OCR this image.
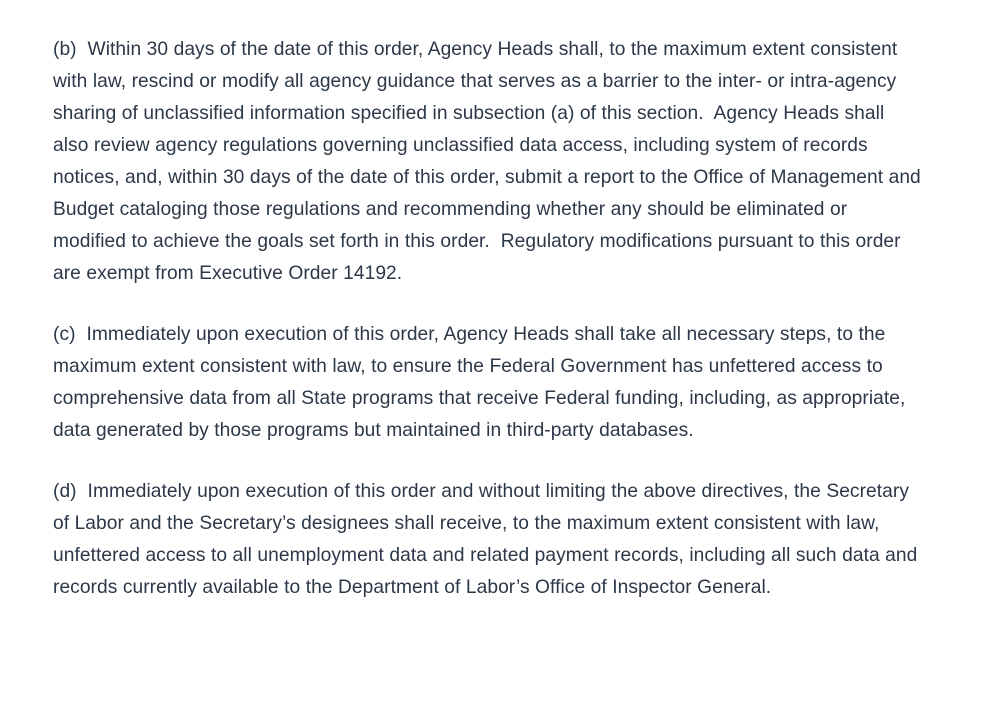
(b)  Within 30 days of the date of this order, Agency Heads shall, to the maximum extent consistent with law, rescind or modify all agency guidance that serves as a barrier to the inter- or intra-agency sharing of unclassified information specified in subsection (a) of this section.  Agency Heads shall also review agency regulations governing unclassified data access, including system of records notices, and, within 30 days of the date of this order, submit a report to the Office of Management and Budget cataloging those regulations and recommending whether any should be eliminated or modified to achieve the goals set forth in this order.  Regulatory modifications pursuant to this order are exempt from Executive Order 14192.

(c)  Immediately upon execution of this order, Agency Heads shall take all necessary steps, to the maximum extent consistent with law, to ensure the Federal Government has unfettered access to comprehensive data from all State programs that receive Federal funding, including, as appropriate, data generated by those programs but maintained in third-party databases.

(d)  Immediately upon execution of this order and without limiting the above directives, the Secretary of Labor and the Secretary’s designees shall receive, to the maximum extent consistent with law, unfettered access to all unemployment data and related payment records, including all such data and records currently available to the Department of Labor’s Office of Inspector General.
